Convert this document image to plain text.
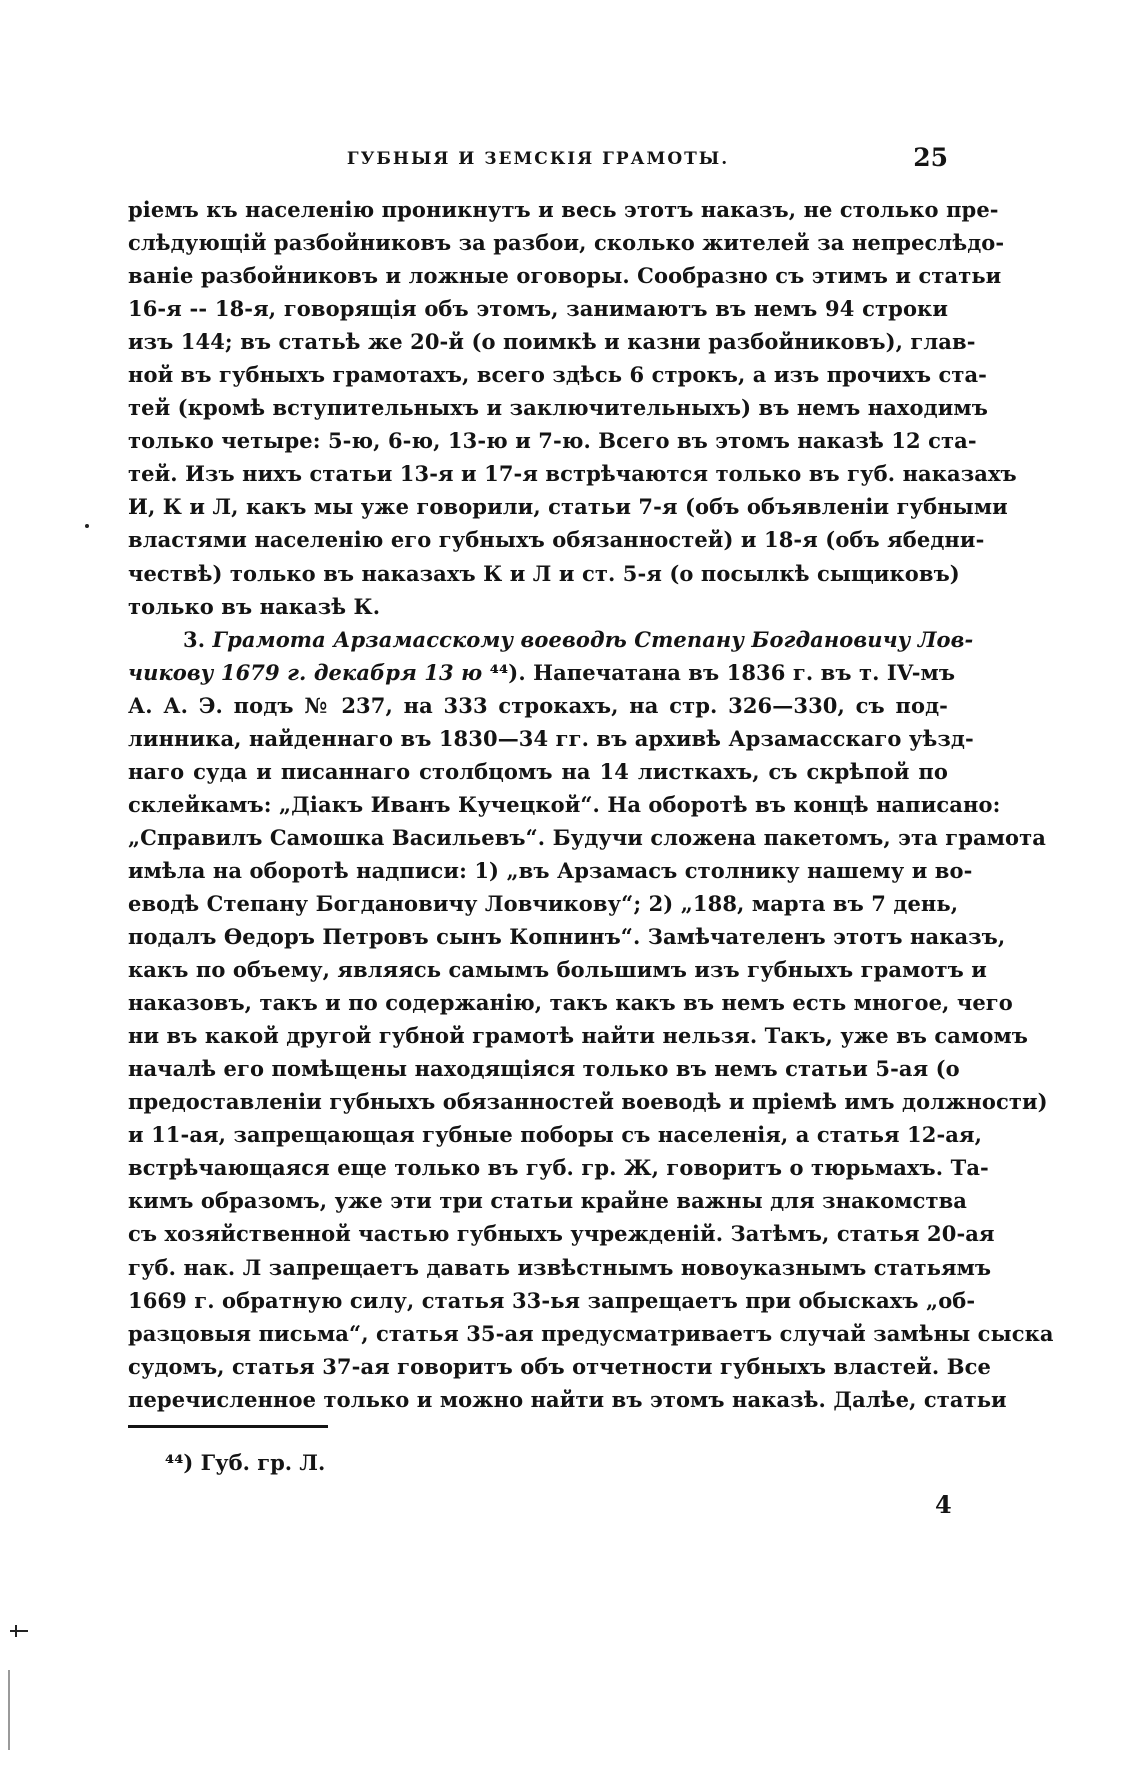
ГУБНЫЯ И ЗЕМСКІЯ ГРАМОТЫ.	25
ріемъ къ населенію проникнутъ и весь этотъ наказъ, не столько пре-
слѣдующій разбойниковъ за разбои, сколько жителей за непреслѣдо-
ваніе разбойниковъ и ложные оговоры. Сообразно съ этимъ и статьи
16-я -- 18-я, говорящія объ этомъ, занимаютъ въ немъ 94 строки
изъ 144; въ статьѣ же 20-й (о поимкѣ и казни разбойниковъ), глав-
ной въ губныхъ грамотахъ, всего здѣсь 6 строкъ, а изъ прочихъ ста-
тей (кромѣ вступительныхъ и заключительныхъ) въ немъ находимъ
только четыре: 5-ю, 6-ю, 13-ю и 7-ю. Всего въ этомъ наказѣ 12 ста-
тей. Изъ нихъ статьи 13-я и 17-я встрѣчаются только въ губ. наказахъ
И, К и Л, какъ мы уже говорили, статьи 7-я (объ объявленіи губными
властями населенію его губныхъ обязанностей) и 18-я (объ ябедни-
чествѣ) только въ наказахъ К и Л и ст. 5-я (о посылкѣ сыщиковъ)
только въ наказѣ К.
3. Грамота Арзамасскому воеводѣ Степану Богдановичу Лов-
чикову 1679 г. декабря 13 ю ⁴⁴). Напечатана въ 1836 г. въ т. IV-мъ
А. А. Э. подъ № 237, на 333 строкахъ, на стр. 326—330, съ под-
линника, найденнаго въ 1830—34 гг. въ архивѣ Арзамасскаго уѣзд-
наго суда и писаннаго столбцомъ на 14 листкахъ, съ скрѣпой по
склейкамъ: „Діакъ Иванъ Кучецкой“. На оборотѣ въ концѣ написано:
„Справилъ Самошка Васильевъ“. Будучи сложена пакетомъ, эта грамота
имѣла на оборотѣ надписи: 1) „въ Арзамасъ столнику нашему и во-
еводѣ Степану Богдановичу Ловчикову“; 2) „188, марта въ 7 день,
подалъ Ѳедоръ Петровъ сынъ Копнинъ“. Замѣчателенъ этотъ наказъ,
какъ по объему, являясь самымъ большимъ изъ губныхъ грамотъ и
наказовъ, такъ и по содержанію, такъ какъ въ немъ есть многое, чего
ни въ какой другой губной грамотѣ найти нельзя. Такъ, уже въ самомъ
началѣ его помѣщены находящіяся только въ немъ статьи 5-ая (о
предоставленіи губныхъ обязанностей воеводѣ и пріемѣ имъ должности)
и 11-ая, запрещающая губные поборы съ населенія, а статья 12-ая,
встрѣчающаяся еще только въ губ. гр. Ж, говоритъ о тюрьмахъ. Та-
кимъ образомъ, уже эти три статьи крайне важны для знакомства
съ хозяйственной частью губныхъ учрежденій. Затѣмъ, статья 20-ая
губ. нак. Л запрещаетъ давать извѣстнымъ новоуказнымъ статьямъ
1669 г. обратную силу, статья 33-ья запрещаетъ при обыскахъ „об-
разцовыя письма“, статья 35-ая предусматриваетъ случай замѣны сыска
судомъ, статья 37-ая говоритъ объ отчетности губныхъ властей. Все
перечисленное только и можно найти въ этомъ наказѣ. Далѣе, статьи
⁴⁴) Губ. гр. Л.
4
